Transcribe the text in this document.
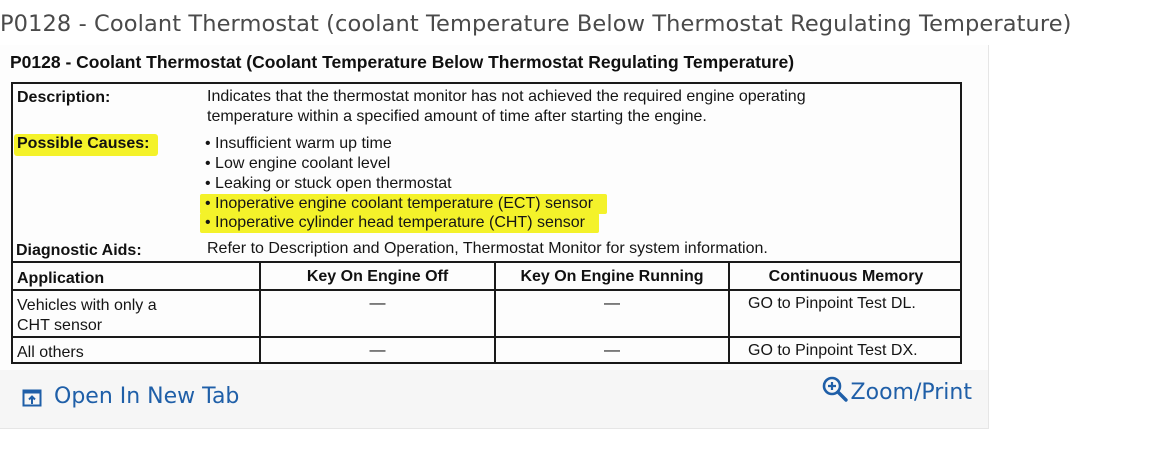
P0128 - Coolant Thermostat (coolant Temperature Below Thermostat Regulating Temperature)
P0128 - Coolant Thermostat (Coolant Temperature Below Thermostat Regulating Temperature)
Description:	Indicates that the thermostat monitor has not achieved the required engine operating
temperature within a specified amount of time after starting the engine.
Possible Causes:	• Insufficient warm up time
• Low engine coolant level
• Leaking or stuck open thermostat
• Inoperative engine coolant temperature (ECT) sensor
• Inoperative cylinder head temperature (CHT) sensor
Diagnostic Aids:	Refer to Description and Operation, Thermostat Monitor for system information.
Application	Key On Engine Off	Key On Engine Running	Continuous Memory
Vehicles with only a
CHT sensor
—	—	GO to Pinpoint Test DL.
All others	—	—	GO to Pinpoint Test DX.
Open In New Tab	Zoom/Print
